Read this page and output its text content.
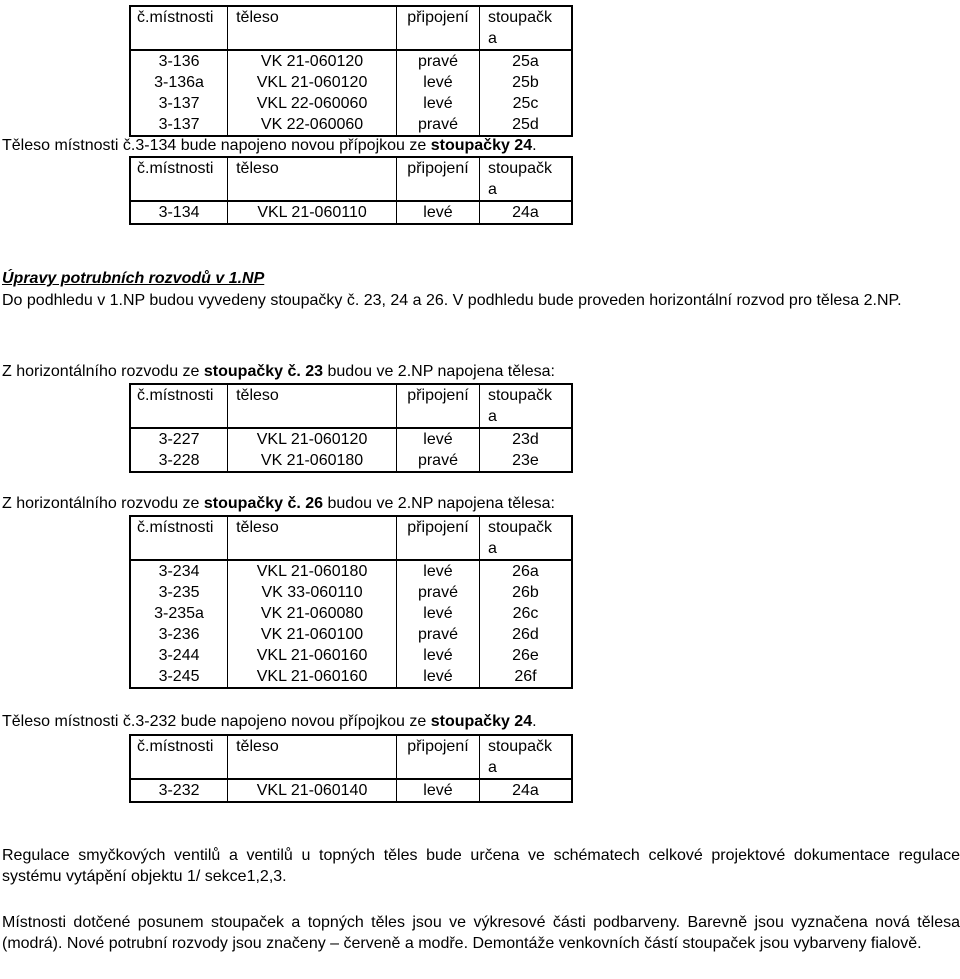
č.místnosti	těleso	připojení	stoupačk
a
3-136	VK 21-060120	pravé	25a
3-136a	VKL 21-060120	levé	25b
3-137	VKL 22-060060	levé	25c
3-137	VK 22-060060	pravé	25d
Těleso místnosti č.3-134 bude napojeno novou přípojkou ze stoupačky 24.
č.místnosti	těleso	připojení	stoupačk
a
3-134	VKL 21-060110	levé	24a
Úpravy potrubních rozvodů v 1.NP
Do podhledu v 1.NP budou vyvedeny stoupačky č. 23, 24 a 26. V podhledu bude proveden horizontální rozvod pro tělesa 2.NP.
Z horizontálního rozvodu ze stoupačky č. 23 budou ve 2.NP napojena tělesa:
č.místnosti	těleso	připojení	stoupačk
a
3-227	VKL 21-060120	levé	23d
3-228	VK 21-060180	pravé	23e
Z horizontálního rozvodu ze stoupačky č. 26 budou ve 2.NP napojena tělesa:
č.místnosti	těleso	připojení	stoupačk
a
3-234	VKL 21-060180	levé	26a
3-235	VK 33-060110	pravé	26b
3-235a	VK 21-060080	levé	26c
3-236	VK 21-060100	pravé	26d
3-244	VKL 21-060160	levé	26e
3-245	VKL 21-060160	levé	26f
Těleso místnosti č.3-232 bude napojeno novou přípojkou ze stoupačky 24.
č.místnosti	těleso	připojení	stoupačk
a
3-232	VKL 21-060140	levé	24a
Regulace smyčkových ventilů a ventilů u topných těles bude určena ve schématech celkové projektové dokumentace regulace systému vytápění objektu 1/ sekce1,2,3.
Místnosti dotčené posunem stoupaček a topných těles jsou ve výkresové části podbarveny. Barevně jsou vyznačena nová tělesa (modrá). Nové potrubní rozvody jsou značeny – červeně a modře. Demontáže venkovních částí stoupaček jsou vybarveny fialově.
